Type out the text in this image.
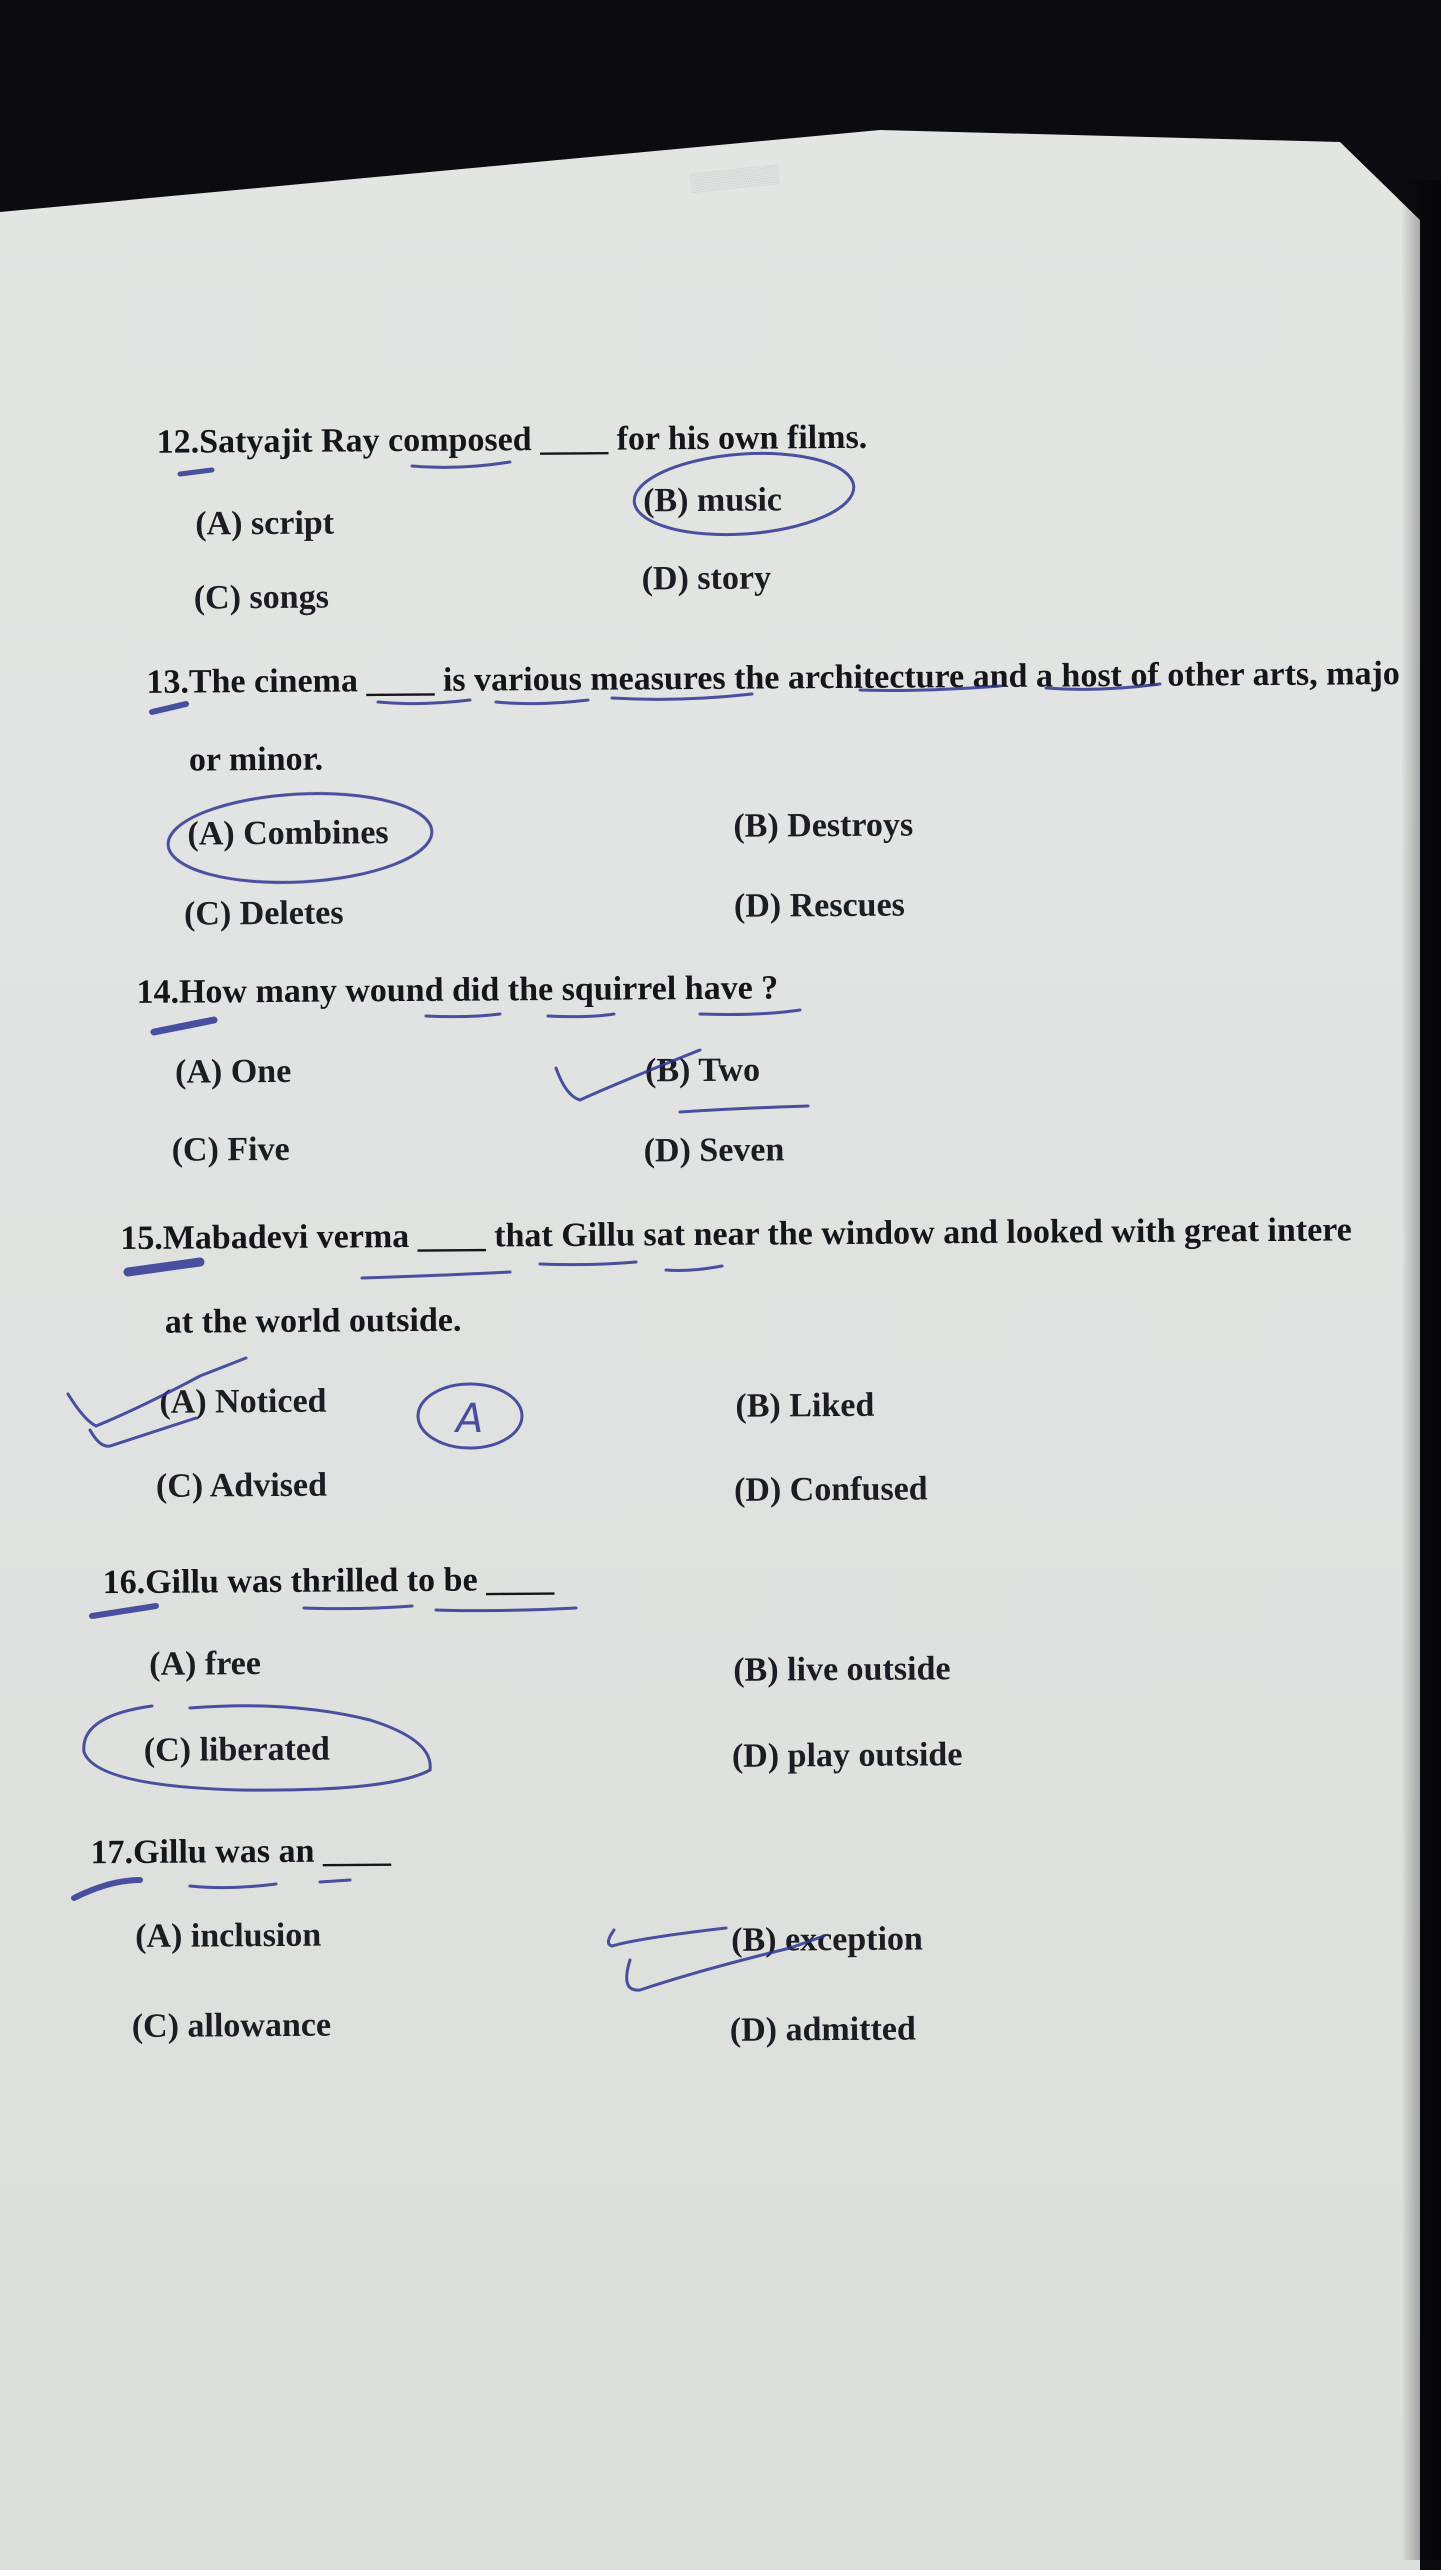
▒▒▒▒▒▒▒
12.Satyajit Ray composed ____ for his own films.
(A) script
(B) music
(C) songs
(D) story
13.The cinema ____ is various measures the architecture and a host of other arts, majo
or minor.
(A) Combines	(B) Destroys
(C) Deletes	(D) Rescues
14.How many wound did the squirrel have ?
(A) One	(B) Two
(C) Five	(D) Seven
15.Mabadevi verma ____ that Gillu sat near the window and looked with great intere
at the world outside.
(A) Noticed	(B) Liked
(C) Advised	(D) Confused
16.Gillu was thrilled to be ____
(A) free	(B) live outside
(C) liberated	(D) play outside
17.Gillu was an ____
(A) inclusion	(B) exception
(C) allowance	(D) admitted
A
